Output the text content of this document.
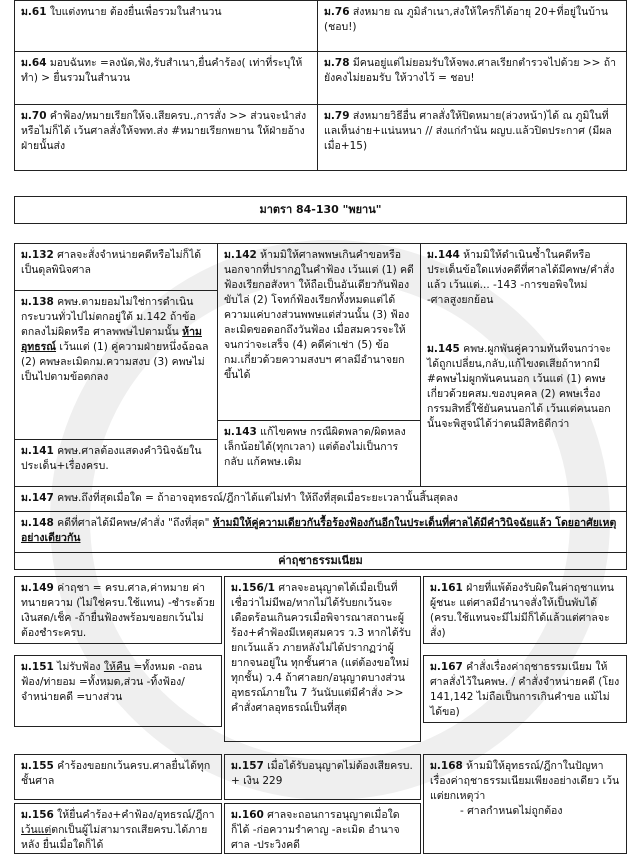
ม.61 ใบแต่งทนาย ต้องยื่นเพื่อรวมในสำนวน	ม.76 ส่งหมาย ณ ภูมิลำเนา,ส่งให้ใครก็ได้อายุ 20+ที่อยู่ในบ้าน (ชอบ!)
ม.64 มอบฉันทะ =ลงนัด,ฟัง,รับสำเนา,ยื่นคำร้อง( เท่าที่ระบุให้ทำ) > ยื่นรวมในสำนวน
ม.78 มีคนอยู่แต่ไม่ยอมรับให้จพง.ศาลเรียกตำรวจไปด้วย >> ถ้ายังคงไม่ยอมรับ ให้วางไว้ = ชอบ!
ม.70 คำฟ้อง/หมายเรียกให้จ.เสียครบ.,การสั่ง >> ส่วนจะนำส่งหรือไม่ก็ได้ เว้นศาลสั่งให้จพท.ส่ง #หมายเรียกพยาน ให้ฝ่ายอ้างฝ่ายนั้นส่ง
ม.79 ส่งหมายวิธีอื่น ศาลสั่งให้ปิดหมาย(ล่วงหน้า)ได้ ณ ภูมิในที่แลเห็นง่าย+แน่นหนา // ส่งแก่กำนัน ผญบ.แล้วปิดประกาศ (มีผลเมื่อ+15)
มาตรา 84-130 "พยาน"
ม.132 ศาลจะสั่งจำหน่ายคดีหรือไม่ก็ได้ เป็นดุลพินิจศาล
ม.138 คพษ.ตามยอมไม่ใช่การดำเนินกระบวนทั่วไปไม่ตกอยู่ใต้ ม.142 ถ้าข้อตกลงไม่ผิดหรือ ศาลพพษไปตามนั้น ห้ามอุทธรณ์ เว้นแต่ (1) คู่ความฝ่ายหนึ่งฉ้อฉล (2) คพษละเมิดกม.ความสงบ (3) คพษไม่เป็นไปตามข้อตกลง
ม.141 คพษ.ศาลต้องแสดงคำวินิจฉัยในประเด็น+เรื่องครบ.
ม.142 ห้ามมิให้ศาลพพษเกินคำขอหรือนอกจากที่ปรากฏในคำฟ้อง เว้นแต่ (1) คดีฟ้องเรียกอสังหา ให้ถือเป็นอันเดียวกันฟ้องขับไล่ (2) โจทก์ฟ้องเรียกทั้งหมดแต่ได้ความแค่บางส่วนพพษแต่ส่วนนั้น (3) ฟ้องละเมิดขอดอกถึงวันฟ้อง เมื่อสมควรจะให้จนกว่าจะเสร็จ (4) คดีค่าเช่า (5) ข้อกม.เกี่ยวด้วยความสงบฯ ศาลมีอำนาจยกขึ้นได้
ม.143 แก้ไขคพษ กรณีผิดพลาด/ผิดหลงเล็กน้อยได้(ทุกเวลา) แต่ต้องไม่เป็นการกลับ แก้คพษ.เดิม
ม.144 ห้ามมิให้ดำเนินซ้ำในคดีหรือประเด็นข้อใดแห่งคดีที่ศาลได้มีคพษ/คำสั่งแล้ว เว้นแต่... -143 -การขอพิจใหม่ -ศาลสูงยกย้อน
ม.145 คพษ.ผูกพันคู่ความทันทีจนกว่าจะได้ถูกเปลี่ยน,กลับ,แก้ไขงดเสียถ้าหากมี #คพษไม่ผูกพันคนนอก เว้นแต่ (1) คพษเกี่ยวด้วยคสม.ของบุคคล (2) คพษเรื่องกรรมสิทธิ์ใช้ยันคนนอกได้ เว้นแต่คนนอกนั้นจะพิสูจน์ได้ว่าตนมีสิทธิดีกว่า
ม.147 คพษ.ถึงที่สุดเมื่อใด = ถ้าอาจอุทธรณ์/ฎีกาได้แต่ไม่ทำ ให้ถึงที่สุดเมื่อระยะเวลานั้นสิ้นสุดลง
ม.148 คดีที่ศาลได้มีคพษ/คำสั่ง "ถึงที่สุด" ห้ามมิให้คู่ความเดียวกันรื้อร้องฟ้องกันอีกในประเด็นที่ศาลได้มีคำวินิจฉัยแล้ว โดยอาศัยเหตุอย่างเดียวกัน
ค่าฤชาธรรมเนียม
ม.149 ค่าฤชา = ครบ.ศาล,ค่าหมาย ค่าทนายความ (ไม่ใช่ครบ.ใช้แทน) -ชำระด้วยเงินสด/เช็ค -ถ้ายื่นฟ้องพร้อมขอยกเว้นไม่ต้องชำระครบ.
ม.151 ไม่รับฟ้อง ให้คืน =ทั้งหมด -ถอนฟ้อง/ท่ายอม =ทั้งหมด,ส่วน -ทิ้งฟ้อง/จำหน่ายคดี =บางส่วน
ม.155 คำร้องขอยกเว้นครบ.ศาลยื่นได้ทุกชั้นศาล
ม.156 ให้ยื่นคำร้อง+คำฟ้อง/อุทธรณ์/ฎีกา เว้นแต่ตกเป็นผู้ไม่สามารถเสียครบ.ได้ภายหลัง ยื่นเมื่อใดก็ได้
ม.156/1 ศาลจะอนุญาตได้เมื่อเป็นที่เชื่อว่าไม่มีพอ/หากไม่ได้รับยกเว้นจะเดือดร้อนเกินควรเมื่อพิจารณาสถานะผู้ร้อง+คำฟ้องมีเหตุสมควร ว.3 หากได้รับยกเว้นแล้ว ภายหลังไม่ได้ปรากฏว่าผู้ยากจนอยู่ใน ทุกชั้นศาล (แต่ต้องขอใหม่ทุกชั้น) ว.4 ถ้าศาลยก/อนุญาตบางส่วนอุทธรณ์ภายใน 7 วันนับแต่มีคำสั่ง >> คำสั่งศาลอุทธรณ์เป็นที่สุด
ม.157 เมื่อได้รับอนุญาตไม่ต้องเสียครบ. + เงิน 229
ม.160 ศาลจะถอนการอนุญาตเมื่อใดก็ได้ -ก่อความรำคาญ -ละเมิด อำนาจศาล -ประวิงคดี
ม.161 ฝ่ายที่แพ้ต้องรับผิดในค่าฤชาแทนผู้ชนะ แต่ศาลมีอำนาจสั่งให้เป็นพับได้ (ครบ.ใช้แทนจะมีไม่มีก็ได้แล้วแต่ศาลจะสั่ง)
ม.167 คำสั่งเรื่องค่าฤชาธรรมเนียม ให้ศาลสั่งไว้ในคพษ. / คำสั่งจำหน่ายคดี (โยง 141,142 ไม่ถือเป็นการเกินคำขอ แม้ไม่ได้ขอ)
ม.168 ห้ามมิให้อุทธรณ์/ฎีกาในปัญหาเรื่องค่าฤชาธรรมเนียมเพียงอย่างเดียว เว้นแต่ยกเหตุว่า
- ศาลกำหนดไม่ถูกต้อง
